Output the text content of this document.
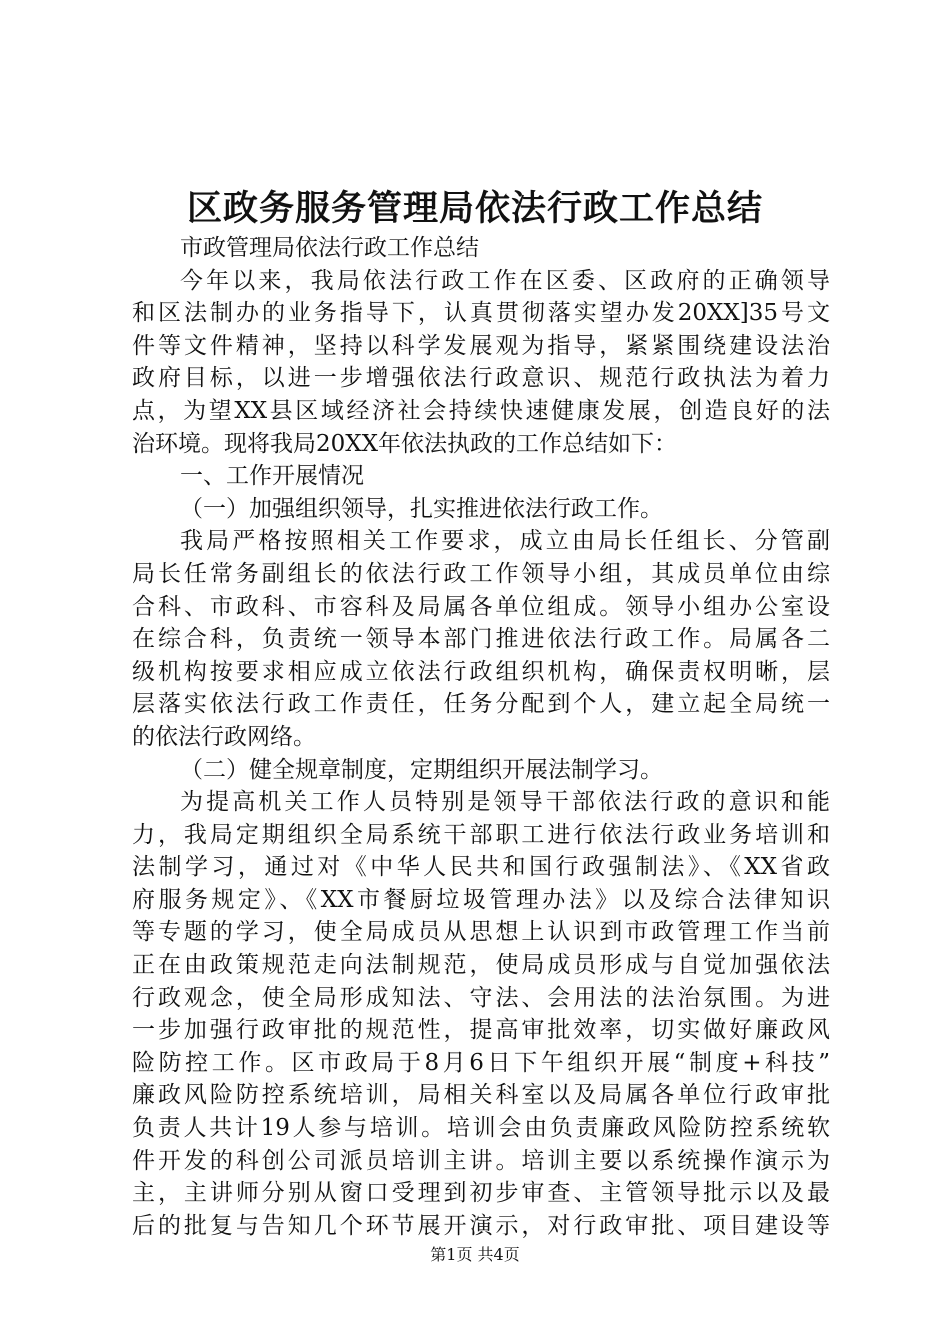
区政务服务管理局依法行政工作总结
市政管理局依法行政工作总结
今年以来，我局依法行政工作在区委、区政府的正确领导
和区法制办的业务指导下，认真贯彻落实望办发20XX]35号文
件等文件精神，坚持以科学发展观为指导，紧紧围绕建设法治
政府目标，以进一步增强依法行政意识、规范行政执法为着力
点，为望XX县区域经济社会持续快速健康发展，创造良好的法
治环境。现将我局20XX年依法执政的工作总结如下：
一、工作开展情况
（一）加强组织领导，扎实推进依法行政工作。
我局严格按照相关工作要求，成立由局长任组长、分管副
局长任常务副组长的依法行政工作领导小组，其成员单位由综
合科、市政科、市容科及局属各单位组成。领导小组办公室设
在综合科，负责统一领导本部门推进依法行政工作。局属各二
级机构按要求相应成立依法行政组织机构，确保责权明晰，层
层落实依法行政工作责任，任务分配到个人，建立起全局统一
的依法行政网络。
（二）健全规章制度，定期组织开展法制学习。
为提高机关工作人员特别是领导干部依法行政的意识和能
力，我局定期组织全局系统干部职工进行依法行政业务培训和
法制学习，通过对《中华人民共和国行政强制法》、《XX省政
府服务规定》、《XX市餐厨垃圾管理办法》以及综合法律知识
等专题的学习，使全局成员从思想上认识到市政管理工作当前
正在由政策规范走向法制规范，使局成员形成与自觉加强依法
行政观念，使全局形成知法、守法、会用法的法治氛围。为进
一步加强行政审批的规范性，提高审批效率，切实做好廉政风
险防控工作。区市政局于8月6日下午组织开展“制度+科技”
廉政风险防控系统培训，局相关科室以及局属各单位行政审批
负责人共计19人参与培训。培训会由负责廉政风险防控系统软
件开发的科创公司派员培训主讲。培训主要以系统操作演示为
主，主讲师分别从窗口受理到初步审查、主管领导批示以及最
后的批复与告知几个环节展开演示，对行政审批、项目建设等
第1页 共4页
